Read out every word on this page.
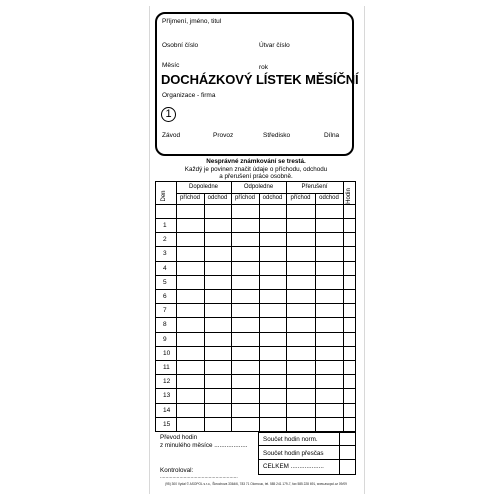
Příjmení, jméno, titul
Osobní číslo	Útvar číslo
Měsíc	rok
DOCHÁZKOVÝ LÍSTEK MĚSÍČNÍ
Organizace - firma
1
Závod	Provoz	Středisko	Dílna
Nesprávné známkování se trestá.
Každý je povinen značit údaje o příchodu, odchodu
a přerušení práce osobně.
Den	Hodin
Dopoledne	Odpoledne	Přerušení
příchod	odchod	příchod	odchod	příchod	odchod
1
2
3
4
5
6
7
8
9
10
11
12
13
14
15
Převod hodin
z minulého měsíce ...................
Součet hodin norm.
Součet hodin přesčas
CELKEM ...................
Kontroloval:
........................................................
(95) 300 Vydal © ASOPOL s.r.o., Škrochova 3364/6, 783 71 Olomouc, tel. 585 241 179-7, fax 585 228 691, www.asopol.cz 09/09
